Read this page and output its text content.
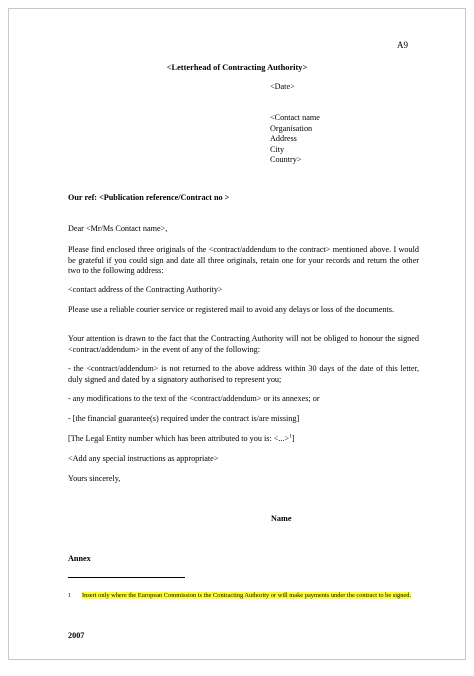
A9
<Letterhead of Contracting Authority>
<Date>
<Contact name
Organisation
Address
City
Country>
Our ref: <Publication reference/Contract no >
Dear <Mr/Ms Contact name>,
Please find enclosed three originals of the <contract/addendum to the contract> mentioned above. I would be grateful if you could sign and date all three originals, retain one for your records and return the other two to the following address:
<contact address of the Contracting Authority>
Please use a reliable courier service or registered mail to avoid any delays or loss of the documents.
Your attention is drawn to the fact that the Contracting Authority will not be obliged to honour the signed <contract/addendum> in the event of any of the following:
- the <contract/addendum> is not returned to the above address within 30 days of the date of this letter, duly signed and dated by a signatory authorised to represent you;
- any modifications to the text of the <contract/addendum> or its annexes; or
- [the financial guarantee(s) required under the contract is/are missing]
[The Legal Entity number which has been attributed to you is: <...>$^1$]
<Add any special instructions as appropriate>
Yours sincerely,
Name
Annex
1 Insert only where the European Commission is the Contracting Authority or will make payments under the contract to be signed.
2007
